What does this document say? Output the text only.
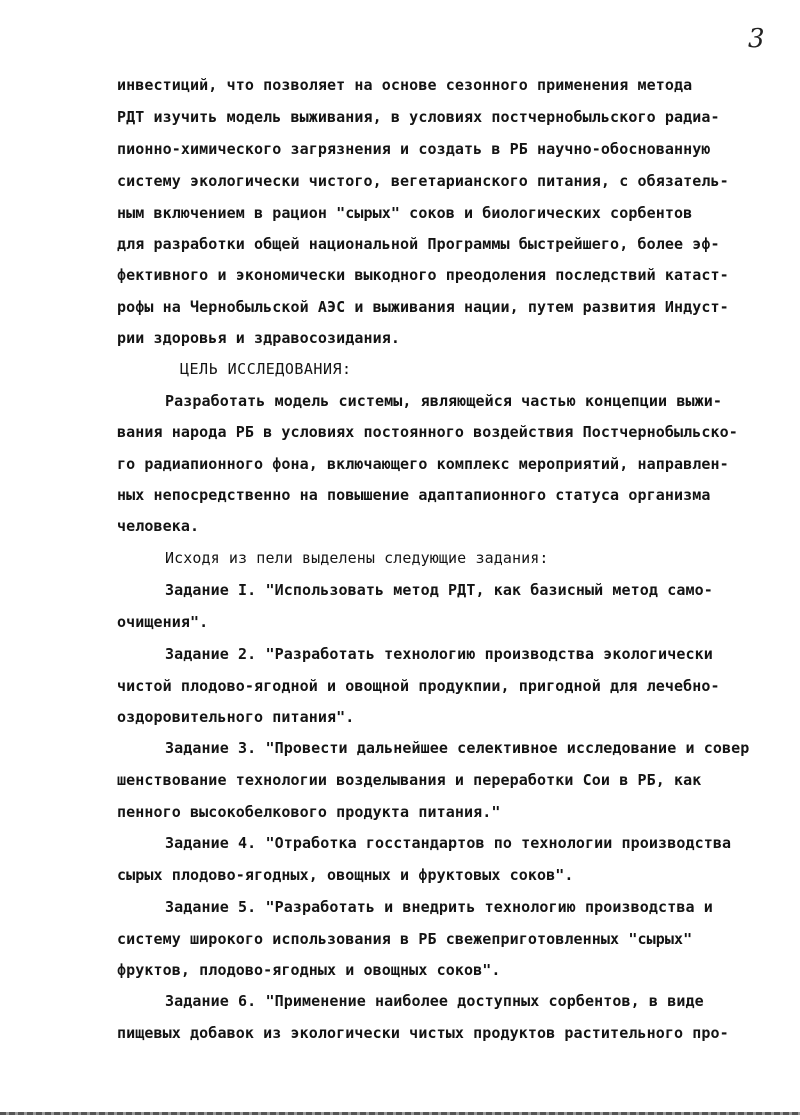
3
инвестиций, что позволяет на основе сезонного применения метода
РДТ изучить модель выживания, в условиях постчернобыльского радиа-
пионно-химического загрязнения и создать в РБ научно-обоснованную
систему экологически чистого, вегетарианского питания, с обязатель-
ным включением в рацион "сырых" соков и биологических сорбентов
для разработки общей национальной Программы быстрейшего, более эф-
фективного и экономически выкодного преодоления последствий катаст-
рофы на Чернобыльской АЭС и выживания нации, путем развития Индуст-
рии здоровья и здравосозидания.
ЦЕЛЬ ИССЛЕДОВАНИЯ:
Разработать модель системы, являющейся частью концепции выжи-
вания народа РБ в условиях постоянного воздействия Постчернобыльско-
го радиапионного фона, включающего комплекс мероприятий, направлен-
ных непосредственно на повышение адаптапионного статуса организма
человека.
Исходя из пели выделены следующие задания:
Задание I. "Использовать метод РДТ, как базисный метод само-
очищения".
Задание 2. "Разработать технологию производства экологически
чистой плодово-ягодной и овощной продукпии, пригодной для лечебно-
оздоровительного питания".
Задание 3. "Провести дальнейшее селективное исследование и совер
шенствование технологии возделывания и переработки Сои в РБ, как
пенного высокобелкового продукта питания."
Задание 4. "Отработка госстандартов по технологии производства
сырых плодово-ягодных, овощных и фруктовых соков".
Задание 5. "Разработать и внедрить технологию производства и
систему широкого использования в РБ свежеприготовленных "сырых"
фруктов, плодово-ягодных и овощных соков".
Задание 6. "Применение наиболее доступных сорбентов, в виде
пищевых добавок из экологически чистых продуктов растительного про-
